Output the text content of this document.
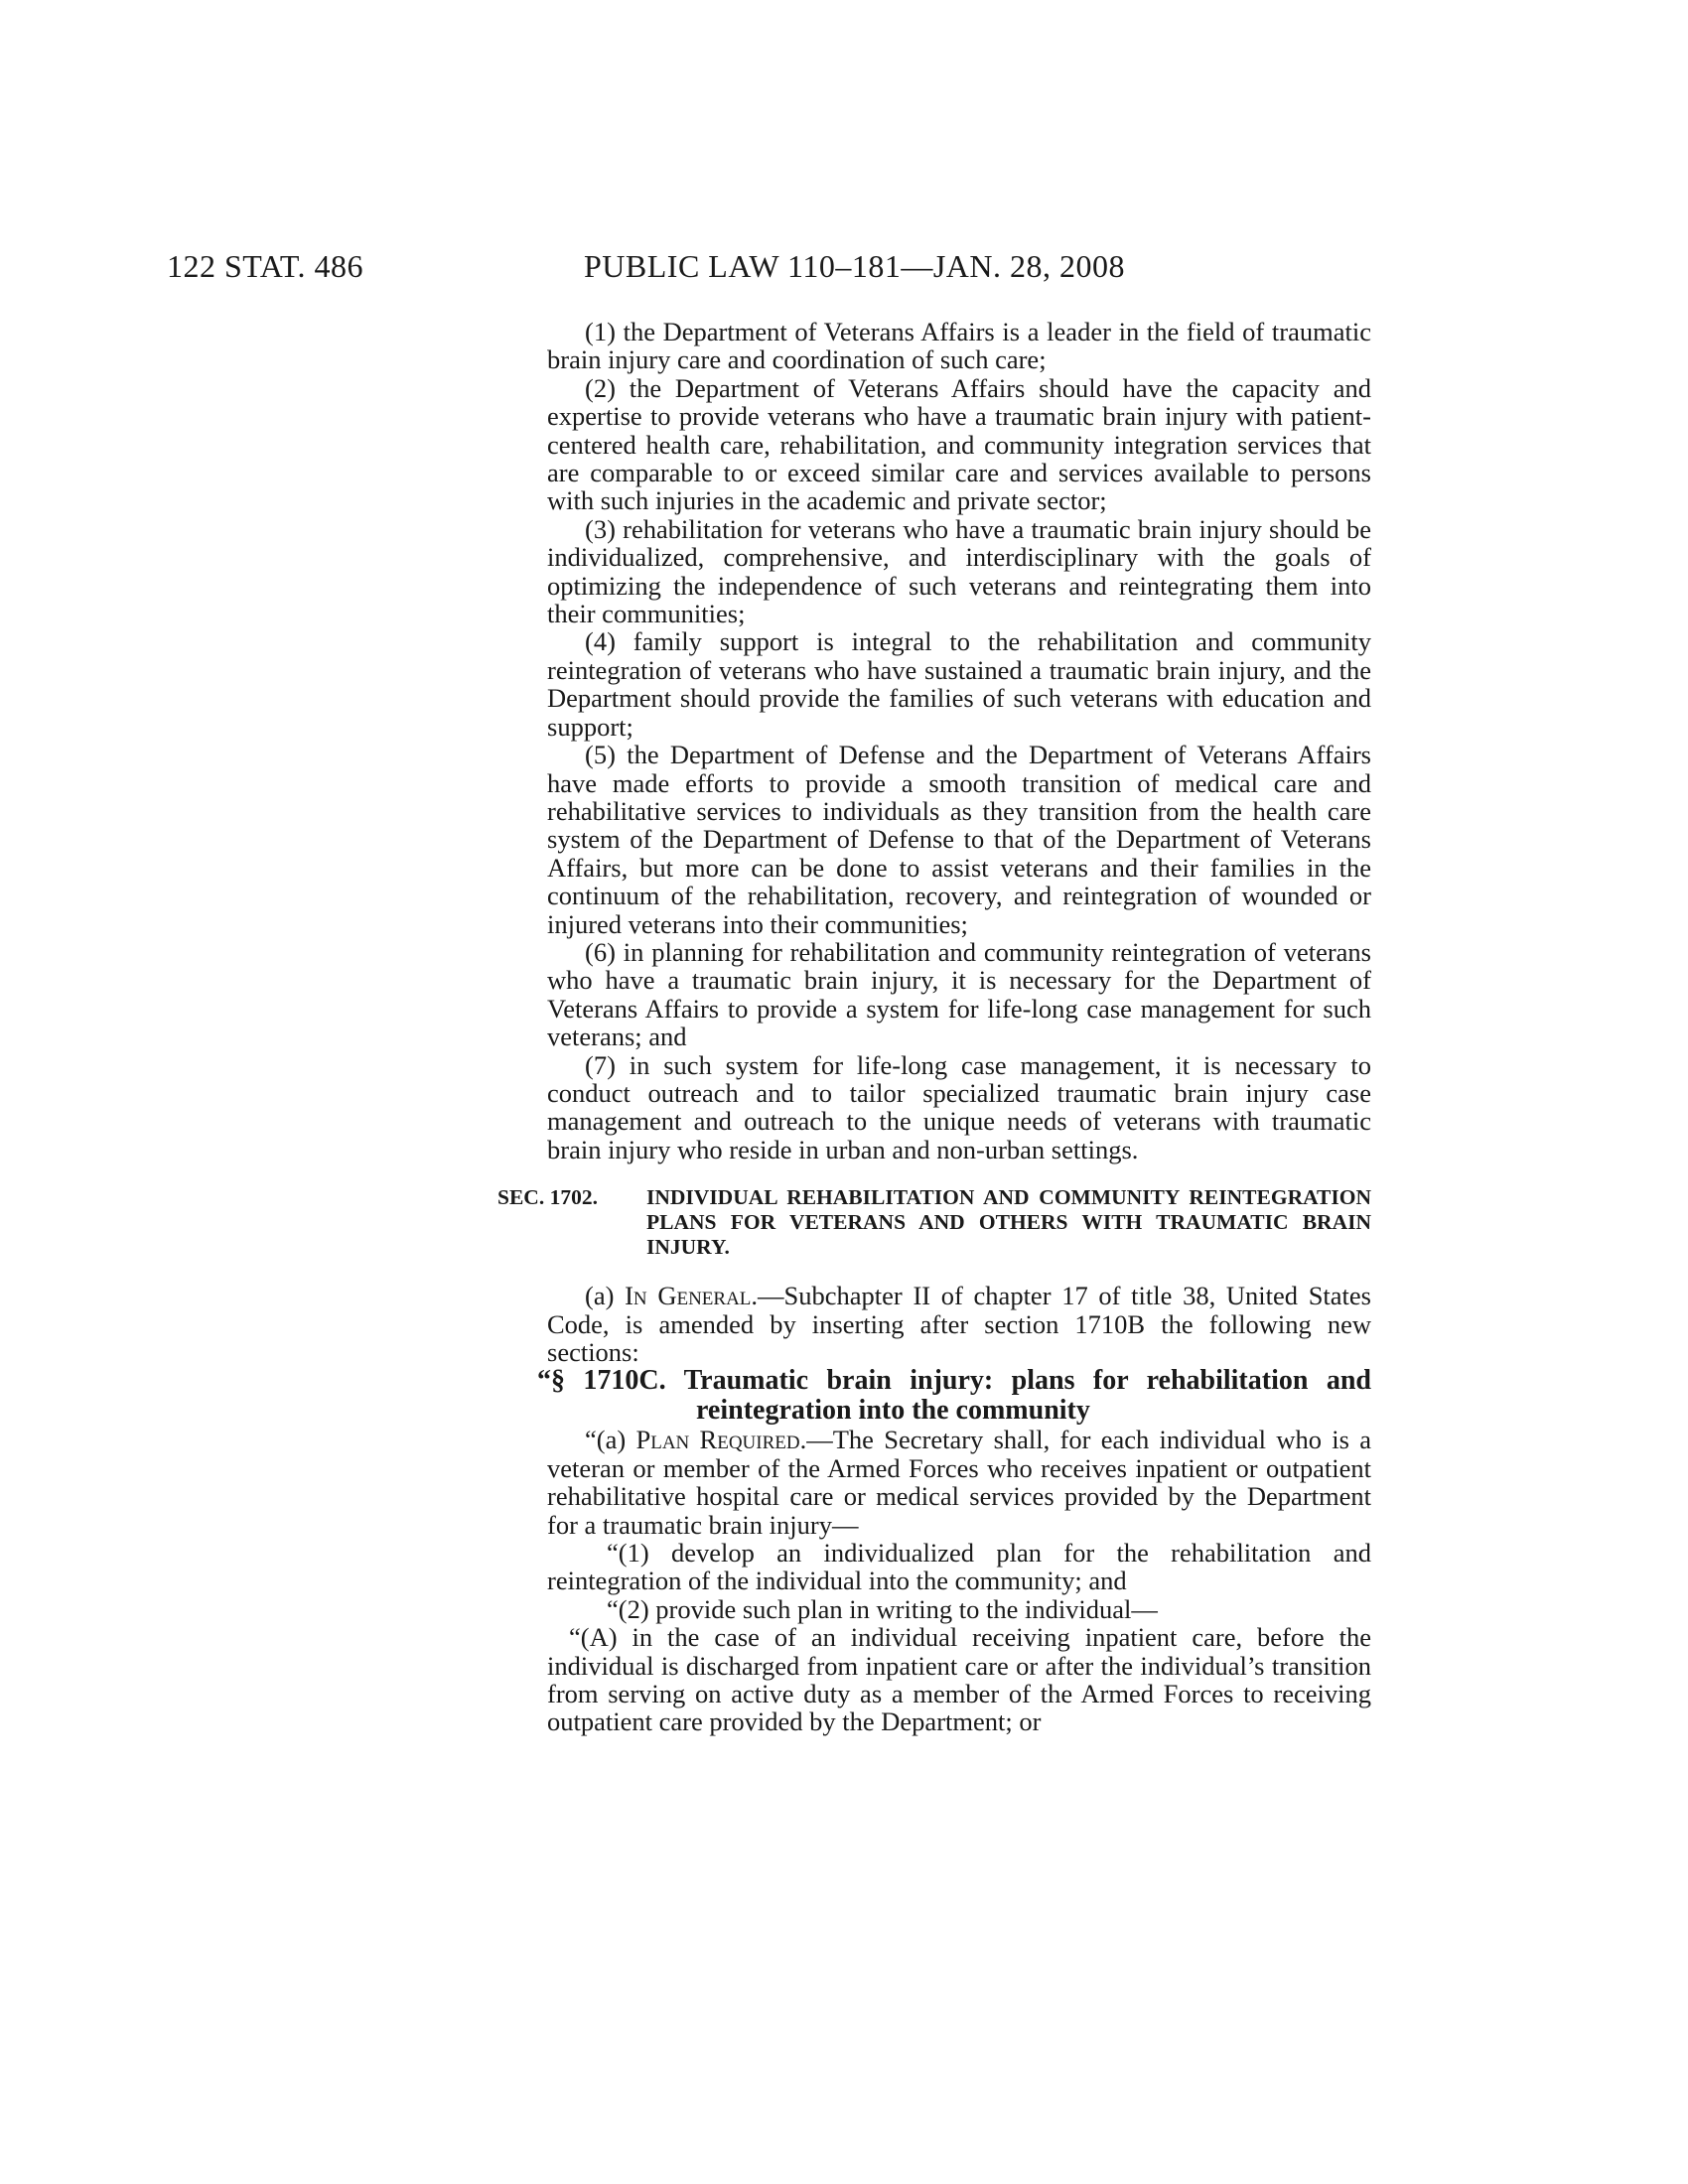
122 STAT. 486	PUBLIC LAW 110–181—JAN. 28, 2008

(1) the Department of Veterans Affairs is a leader in the field of traumatic brain injury care and coordination of such care;

(2) the Department of Veterans Affairs should have the capacity and expertise to provide veterans who have a traumatic brain injury with patient-centered health care, rehabilitation, and community integration services that are comparable to or exceed similar care and services available to persons with such injuries in the academic and private sector;

(3) rehabilitation for veterans who have a traumatic brain injury should be individualized, comprehensive, and interdisciplinary with the goals of optimizing the independence of such veterans and reintegrating them into their communities;

(4) family support is integral to the rehabilitation and community reintegration of veterans who have sustained a traumatic brain injury, and the Department should provide the families of such veterans with education and support;

(5) the Department of Defense and the Department of Veterans Affairs have made efforts to provide a smooth transition of medical care and rehabilitative services to individuals as they transition from the health care system of the Department of Defense to that of the Department of Veterans Affairs, but more can be done to assist veterans and their families in the continuum of the rehabilitation, recovery, and reintegration of wounded or injured veterans into their communities;

(6) in planning for rehabilitation and community reintegration of veterans who have a traumatic brain injury, it is necessary for the Department of Veterans Affairs to provide a system for life-long case management for such veterans; and

(7) in such system for life-long case management, it is necessary to conduct outreach and to tailor specialized traumatic brain injury case management and outreach to the unique needs of veterans with traumatic brain injury who reside in urban and non-urban settings.

SEC. 1702.	INDIVIDUAL REHABILITATION AND COMMUNITY REINTEGRATION PLANS FOR VETERANS AND OTHERS WITH TRAUMATIC BRAIN INJURY.

(a) In General.—Subchapter II of chapter 17 of title 38, United States Code, is amended by inserting after section 1710B the following new sections:

“§ 1710C. Traumatic brain injury: plans for rehabilitation and reintegration into the community

“(a) Plan Required.—The Secretary shall, for each individual who is a veteran or member of the Armed Forces who receives inpatient or outpatient rehabilitative hospital care or medical services provided by the Department for a traumatic brain injury—

“(1) develop an individualized plan for the rehabilitation and reintegration of the individual into the community; and

“(2) provide such plan in writing to the individual—

“(A) in the case of an individual receiving inpatient care, before the individual is discharged from inpatient care or after the individual’s transition from serving on active duty as a member of the Armed Forces to receiving outpatient care provided by the Department; or
